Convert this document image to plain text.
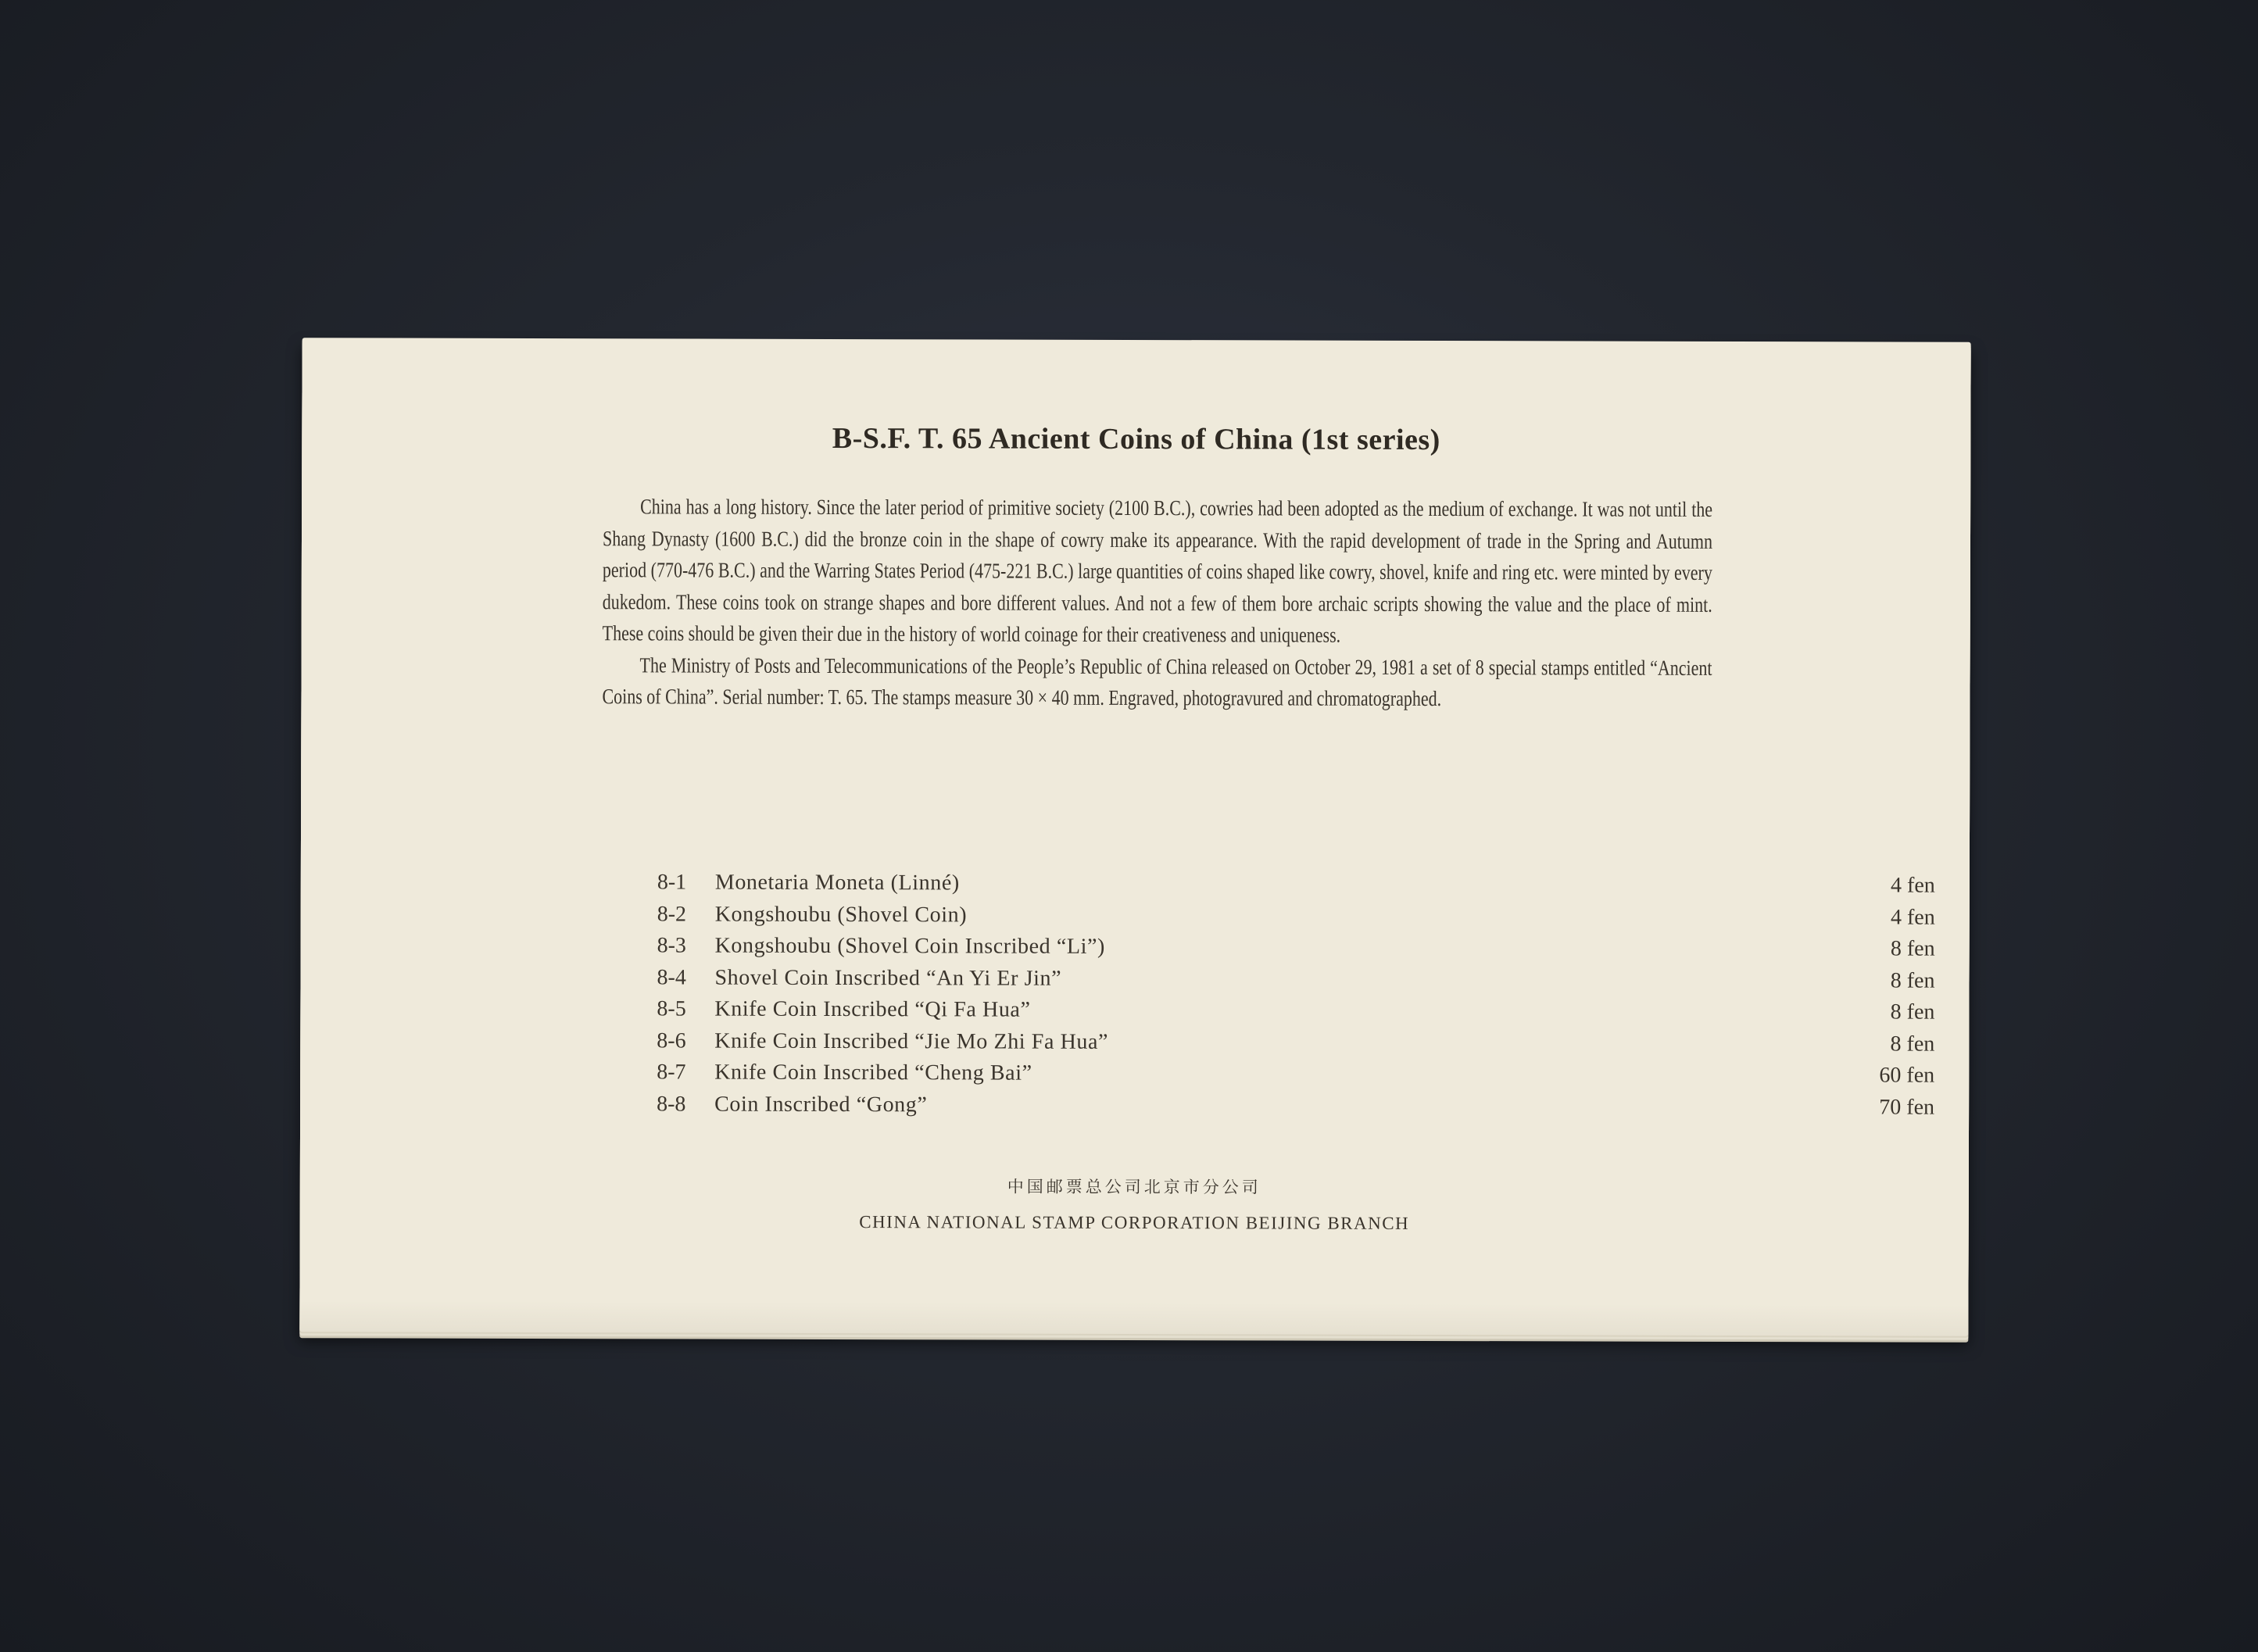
B-S.F. T. 65 Ancient Coins of China (1st series)

China has a long history. Since the later period of primitive society (2100 B.C.), cowries had been adopted as the medium of exchange. It was not until the Shang Dynasty (1600 B.C.) did the bronze coin in the shape of cowry make its appearance. With the rapid development of trade in the Spring and Autumn period (770-476 B.C.) and the Warring States Period (475-221 B.C.) large quantities of coins shaped like cowry, shovel, knife and ring etc. were minted by every dukedom. These coins took on strange shapes and bore different values. And not a few of them bore archaic scripts showing the value and the place of mint. These coins should be given their due in the history of world coinage for their creativeness and uniqueness.

The Ministry of Posts and Telecommunications of the People’s Republic of China released on October 29, 1981 a set of 8 special stamps entitled “Ancient Coins of China”. Serial number: T. 65. The stamps measure 30 × 40 mm. Engraved, photogravured and chromatographed.

8-1	Monetaria Moneta (Linné)	4 fen
8-2	Kongshoubu (Shovel Coin)	4 fen
8-3	Kongshoubu (Shovel Coin Inscribed “Li”)	8 fen
8-4	Shovel Coin Inscribed “An Yi Er Jin”	8 fen
8-5	Knife Coin Inscribed “Qi Fa Hua”	8 fen
8-6	Knife Coin Inscribed “Jie Mo Zhi Fa Hua”	8 fen
8-7	Knife Coin Inscribed “Cheng Bai”	60 fen
8-8	Coin Inscribed “Gong”	70 fen
中国邮票总公司北京市分公司
CHINA NATIONAL STAMP CORPORATION BEIJING BRANCH
